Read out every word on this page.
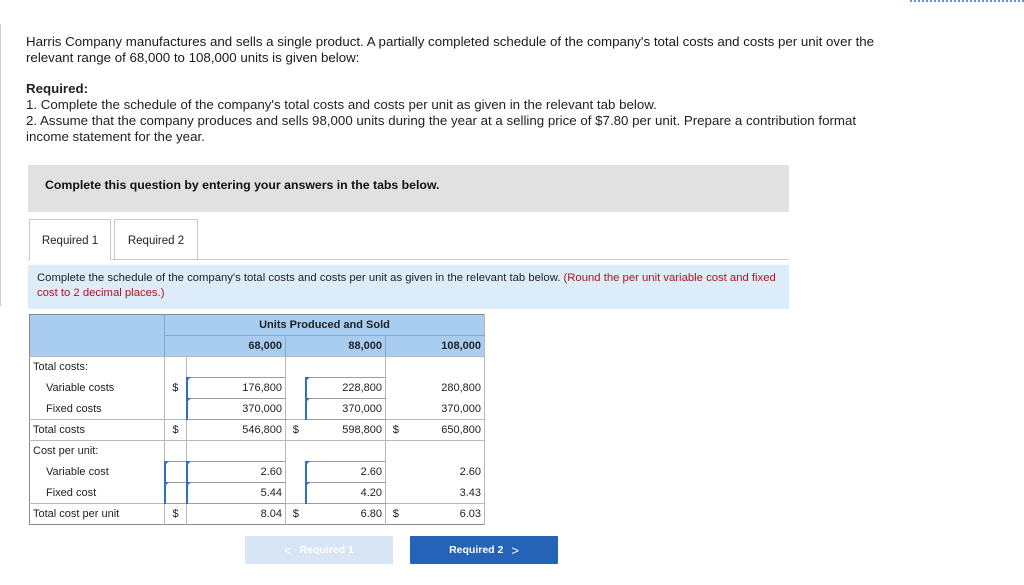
Harris Company manufactures and sells a single product. A partially completed schedule of the company's total costs and costs per unit over the relevant range of 68,000 to 108,000 units is given below:

Required:

1. Complete the schedule of the company's total costs and costs per unit as given in the relevant tab below.

2. Assume that the company produces and sells 98,000 units during the year at a selling price of $7.80 per unit. Prepare a contribution format income statement for the year.

Complete this question by entering your answers in the tabs below.
Required 1	Required 2
Complete the schedule of the company's total costs and costs per unit as given in the relevant tab below. (Round the per unit variable cost and fixed cost to 2 decimal places.)
	Units Produced and Sold					
		68,000		88,000		108,000
Total costs:						
Variable costs	$	176,800		228,800		280,800
Fixed costs		370,000		370,000		370,000
Total costs	$	546,800	$	598,800	$	650,800
Cost per unit:						
Variable cost		2.60		2.60		2.60
Fixed cost		5.44		4.20		3.43
Total cost per unit	$	8.04	$	6.80	$	6.03
< Required 1	Required 2 >
